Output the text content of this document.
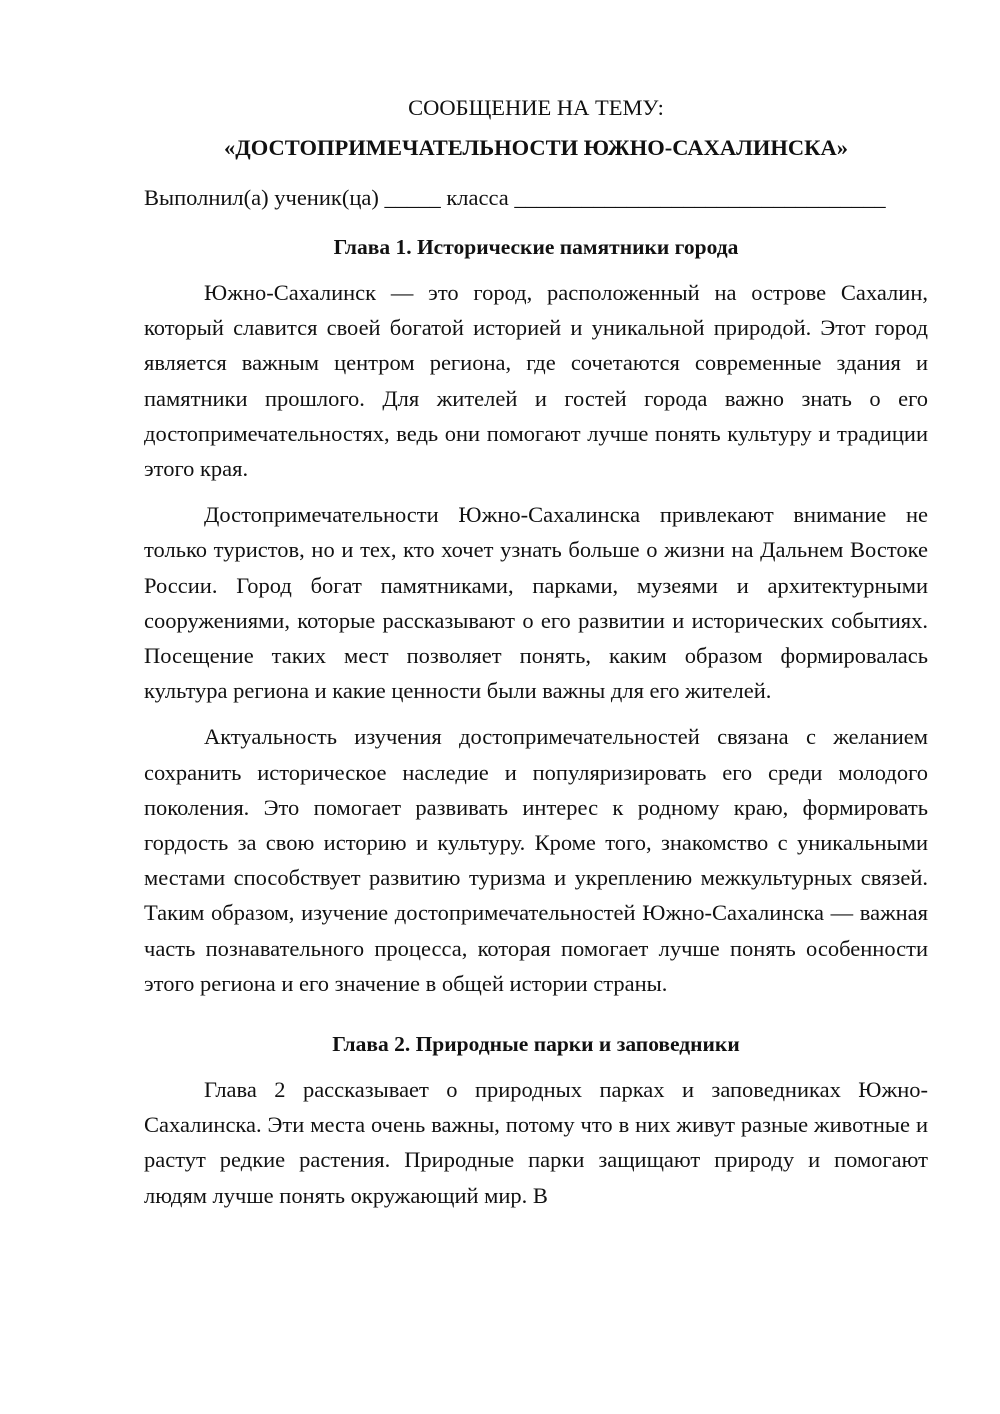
СООБЩЕНИЕ НА ТЕМУ:

«ДОСТОПРИМЕЧАТЕЛЬНОСТИ ЮЖНО-САХАЛИНСКА»

Выполнил(а) ученик(ца) _____ класса _________________________________

Глава 1. Исторические памятники города

Южно-Сахалинск — это город, расположенный на острове Сахалин, который славится своей богатой историей и уникальной природой. Этот город является важным центром региона, где сочетаются современные здания и памятники прошлого. Для жителей и гостей города важно знать о его достопримечательностях, ведь они помогают лучше понять культуру и традиции этого края.

Достопримечательности Южно-Сахалинска привлекают внимание не только туристов, но и тех, кто хочет узнать больше о жизни на Дальнем Востоке России. Город богат памятниками, парками, музеями и архитектурными сооружениями, которые рассказывают о его развитии и исторических событиях. Посещение таких мест позволяет понять, каким образом формировалась культура региона и какие ценности были важны для его жителей.

Актуальность изучения достопримечательностей связана с желанием сохранить историческое наследие и популяризировать его среди молодого поколения. Это помогает развивать интерес к родному краю, формировать гордость за свою историю и культуру. Кроме того, знакомство с уникальными местами способствует развитию туризма и укреплению межкультурных связей. Таким образом, изучение достопримечательностей Южно-Сахалинска — важная часть познавательного процесса, которая помогает лучше понять особенности этого региона и его значение в общей истории страны.

Глава 2. Природные парки и заповедники

Глава 2 рассказывает о природных парках и заповедниках Южно-Сахалинска. Эти места очень важны, потому что в них живут разные животные и растут редкие растения. Природные парки защищают природу и помогают людям лучше понять окружающий мир. В
